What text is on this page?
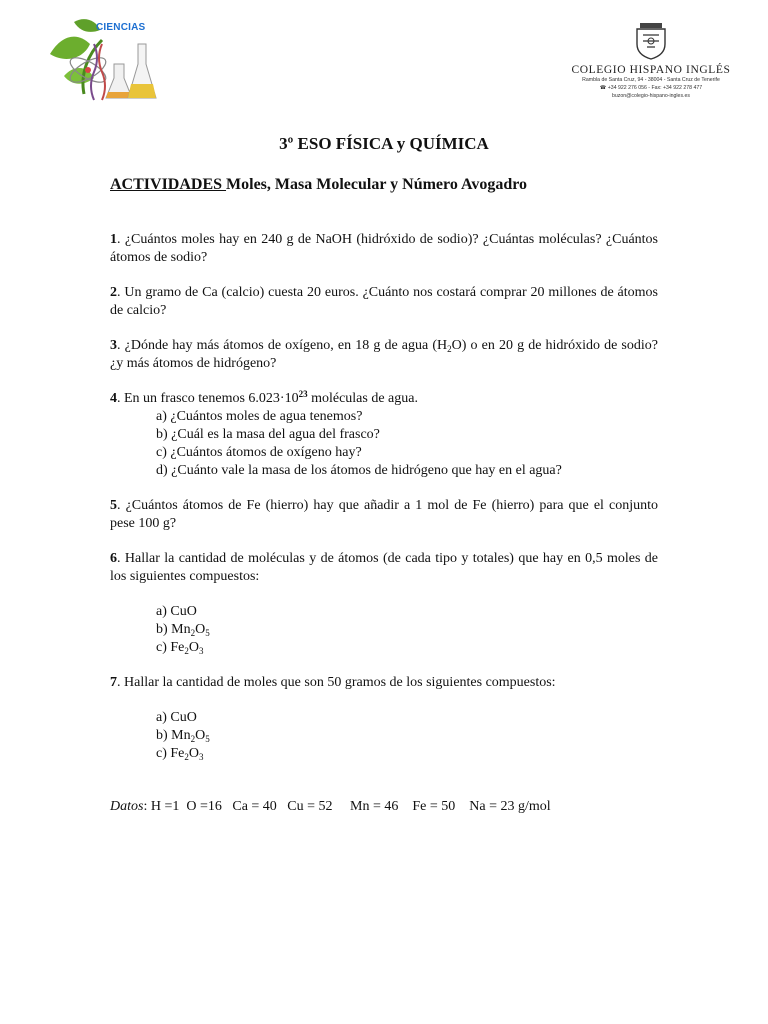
CIENCIAS
COLEGIO HISPANO INGLÉS
Rambla de Santa Cruz, 94 - 38004 - Santa Cruz de Tenerife
☎ +34 922 276 056 - Fax: +34 922 278 477
buzon@colegio-hispano-ingles.es
3º ESO FÍSICA y QUÍMICA
ACTIVIDADES Moles, Masa Molecular y Número Avogadro

1. ¿Cuántos moles hay en 240 g de NaOH (hidróxido de sodio)? ¿Cuántas moléculas? ¿Cuántos átomos de sodio?

2. Un gramo de Ca (calcio) cuesta 20 euros. ¿Cuánto nos costará comprar 20 millones de átomos de calcio?

3. ¿Dónde hay más átomos de oxígeno, en 18 g de agua $(H_2O)$ o en 20 g de hidróxido de sodio? ¿y más átomos de hidrógeno?

4. En un frasco tenemos $6.023\cdot 10^{23}$ moléculas de agua.

a) ¿Cuántos moles de agua tenemos?

b) ¿Cuál es la masa del agua del frasco?

c) ¿Cuántos átomos de oxígeno hay?

d) ¿Cuánto vale la masa de los átomos de hidrógeno que hay en el agua?

5. ¿Cuántos átomos de Fe (hierro) hay que añadir a 1 mol de Fe (hierro) para que el conjunto pese 100 g?

6. Hallar la cantidad de moléculas y de átomos (de cada tipo y totales) que hay en 0,5 moles de los siguientes compuestos:

a) CuO

b) $Mn_2O_5$

c) $Fe_2O_3$

7. Hallar la cantidad de moles que son 50 gramos de los siguientes compuestos:

a) CuO

b) $Mn_2O_5$

c) $Fe_2O_3$

Datos: H =1  O =16   Ca = 40   Cu = 52     Mn = 46    Fe = 50    Na = 23 g/mol
